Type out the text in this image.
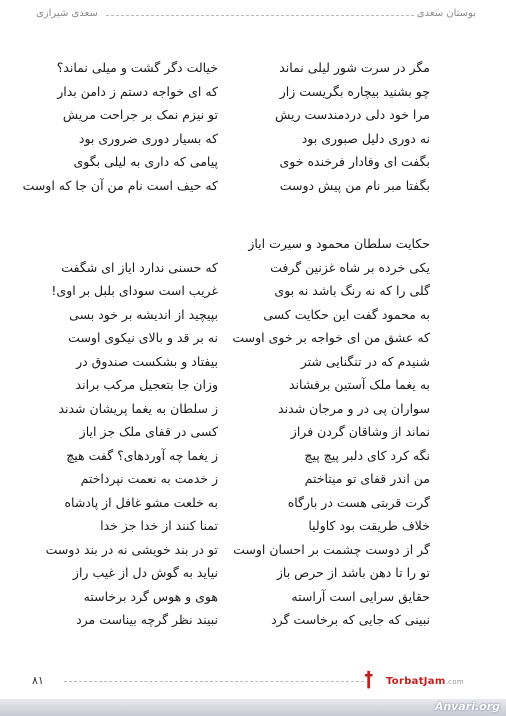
بوستان سعدی
سعدی شیرازی
مگر در سرت شور لیلی نماند
خیالت دگر گشت و میلی نماند؟
چو بشنید بیچاره بگریست زار
که ای خواجه دستم ز دامن بدار
مرا خود دلی دردمندست ریش
تو نیزم نمک بر جراحت مریش
نه دوری دلیل صبوری بود
که بسیار دوری ضروری بود
بگفت ای وفادار فرخنده خوی
پیامی که داری به لیلی بگوی
بگفتا مبر نام من پیش دوست
که حیف است نام من آن جا که اوست
حکایت سلطان محمود و سیرت ایاز
یکی خرده بر شاه غزنین گرفت
که حسنی ندارد ایاز ای شگفت
گلی را که نه رنگ باشد نه بوی
غریب است سودای بلبل بر اوی!
به محمود گفت این حکایت کسی
بپیچید از اندیشه بر خود بسی
که عشق من ای خواجه بر خوی اوست
نه بر قد و بالای نیکوی اوست
شنیدم که در تنگنایی شتر
بیفتاد و بشکست صندوق در
به یغما ملک آستین برفشاند
وزان جا بتعجیل مرکب براند
سواران پی در و مرجان شدند
ز سلطان به یغما پریشان شدند
نماند از وشاقان گردن فراز
کسی در قفای ملک جز ایاز
نگه کرد کای دلبر پیچ پیچ
ز یغما چه آوردهای؟ گفت هیچ
من اندر قفای تو میتاختم
ز خدمت به نعمت نپرداختم
گرت قربتی هست در بارگاه
به خلعت مشو غافل از پادشاه
خلاف طریقت بود کاولیا
تمنا کنند از خدا جز خدا
گر از دوست چشمت بر احسان اوست
تو در بند خویشی نه در بند دوست
تو را تا دهن باشد از حرص باز
نیاید به گوش دل از غیب راز
حقایق سرایی است آراسته
هوی و هوس گرد برخاسته
نبینی که جایی که برخاست گرد
نبیند نظر گرچه بیناست مرد
۸۱	ꝉ TorbatJam.com
Anvari.org
